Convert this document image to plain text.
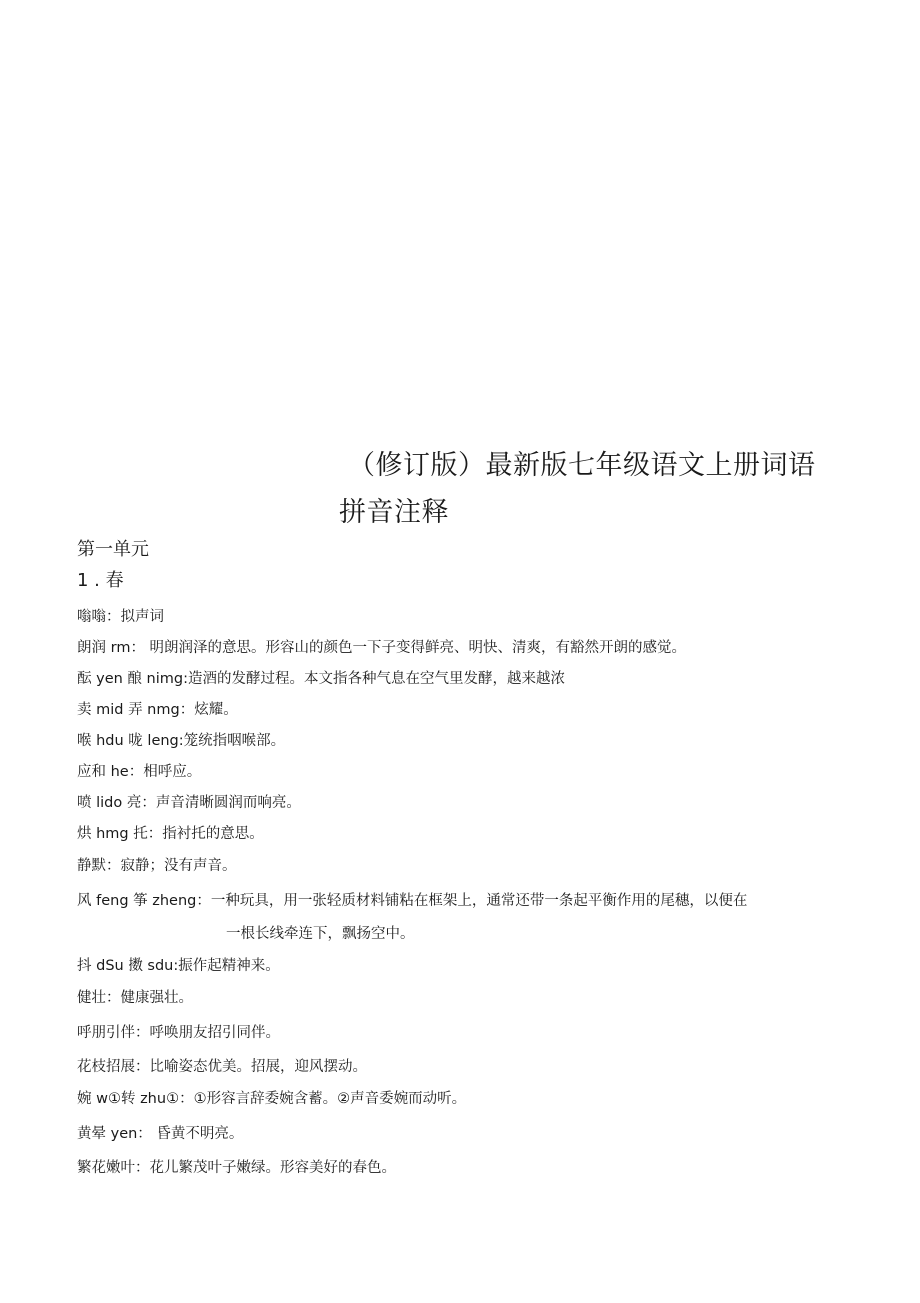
（修订版）最新版七年级语文上册词语
拼音注释
第一单元
1 . 春
嗡嗡：拟声词
朗润 rm： 明朗润泽的意思。形容山的颜色一下子变得鲜亮、明快、清爽，有豁然开朗的感觉。
酝 yen 酿 nimg:造酒的发酵过程。本文指各种气息在空气里发酵，越来越浓
卖 mid 弄 nmg：炫耀。
喉 hdu 咙 leng:笼统指咽喉部。
应和 he：相呼应。
喷 lido 亮：声音清晰圆润而响亮。
烘 hmg 托：指衬托的意思。
静默：寂静；没有声音。
风 feng 筝 zheng：一种玩具，用一张轻质材料铺粘在框架上，通常还带一条起平衡作用的尾穗，以便在
一根长线牵连下，飘扬空中。
抖 dSu 擞 sdu:振作起精神来。
健壮：健康强壮。
呼朋引伴：呼唤朋友招引同伴。
花枝招展：比喻姿态优美。招展，迎风摆动。
婉 w①转 zhu①：①形容言辞委婉含蓄。②声音委婉而动听。
黄晕 yen： 昏黄不明亮。
繁花嫩叶：花儿繁茂叶子嫩绿。形容美好的春色。
